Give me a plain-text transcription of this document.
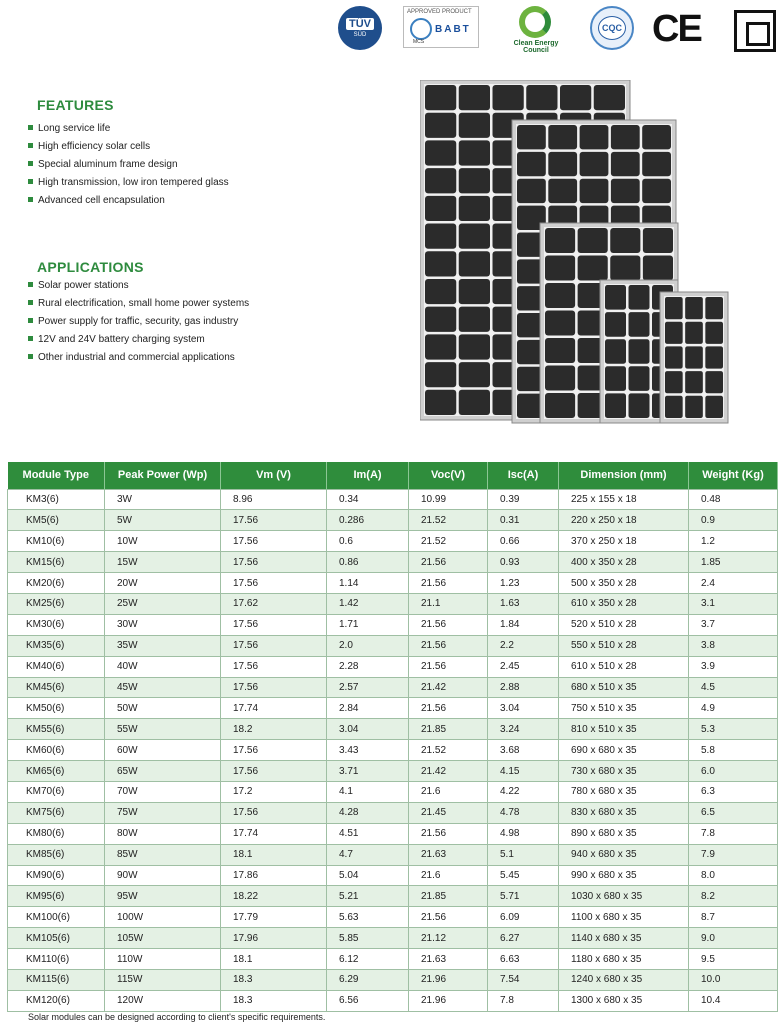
TÜV
SÜD
APPROVED PRODUCT
MCS
BABT
Clean Energy Council
CQC CE
FEATURES
Long service life
High efficiency solar cells
Special aluminum frame design
High transmission, low iron tempered glass
Advanced cell encapsulation
APPLICATIONS
Solar power stations
Rural electrification, small home power systems
Power supply for traffic, security, gas industry
12V and 24V battery charging system
Other industrial and commercial applications
Module Type	Peak Power (Wp)	Vm (V)	Im(A)	Voc(V)	Isc(A)	Dimension (mm)	Weight (Kg)
KM3(6)	3W	8.96	0.34	10.99	0.39	225 x 155 x 18	0.48
KM5(6)	5W	17.56	0.286	21.52	0.31	220 x 250 x 18	0.9
KM10(6)	10W	17.56	0.6	21.52	0.66	370 x 250 x 18	1.2
KM15(6)	15W	17.56	0.86	21.56	0.93	400 x 350 x 28	1.85
KM20(6)	20W	17.56	1.14	21.56	1.23	500 x 350 x 28	2.4
KM25(6)	25W	17.62	1.42	21.1	1.63	610 x 350 x 28	3.1
KM30(6)	30W	17.56	1.71	21.56	1.84	520 x 510 x 28	3.7
KM35(6)	35W	17.56	2.0	21.56	2.2	550 x 510 x 28	3.8
KM40(6)	40W	17.56	2.28	21.56	2.45	610 x 510 x 28	3.9
KM45(6)	45W	17.56	2.57	21.42	2.88	680 x 510 x 35	4.5
KM50(6)	50W	17.74	2.84	21.56	3.04	750 x 510 x 35	4.9
KM55(6)	55W	18.2	3.04	21.85	3.24	810 x 510 x 35	5.3
KM60(6)	60W	17.56	3.43	21.52	3.68	690 x 680 x 35	5.8
KM65(6)	65W	17.56	3.71	21.42	4.15	730 x 680 x 35	6.0
KM70(6)	70W	17.2	4.1	21.6	4.22	780 x 680 x 35	6.3
KM75(6)	75W	17.56	4.28	21.45	4.78	830 x 680 x 35	6.5
KM80(6)	80W	17.74	4.51	21.56	4.98	890 x 680 x 35	7.8
KM85(6)	85W	18.1	4.7	21.63	5.1	940 x 680 x 35	7.9
KM90(6)	90W	17.86	5.04	21.6	5.45	990 x 680 x 35	8.0
KM95(6)	95W	18.22	5.21	21.85	5.71	1030 x 680 x 35	8.2
KM100(6)	100W	17.79	5.63	21.56	6.09	1100 x 680 x 35	8.7
KM105(6)	105W	17.96	5.85	21.12	6.27	1140 x 680 x 35	9.0
KM110(6)	110W	18.1	6.12	21.63	6.63	1180 x 680 x 35	9.5
KM115(6)	115W	18.3	6.29	21.96	7.54	1240 x 680 x 35	10.0
KM120(6)	120W	18.3	6.56	21.96	7.8	1300 x 680 x 35	10.4
Solar modules can be designed according to client's specific requirements.
